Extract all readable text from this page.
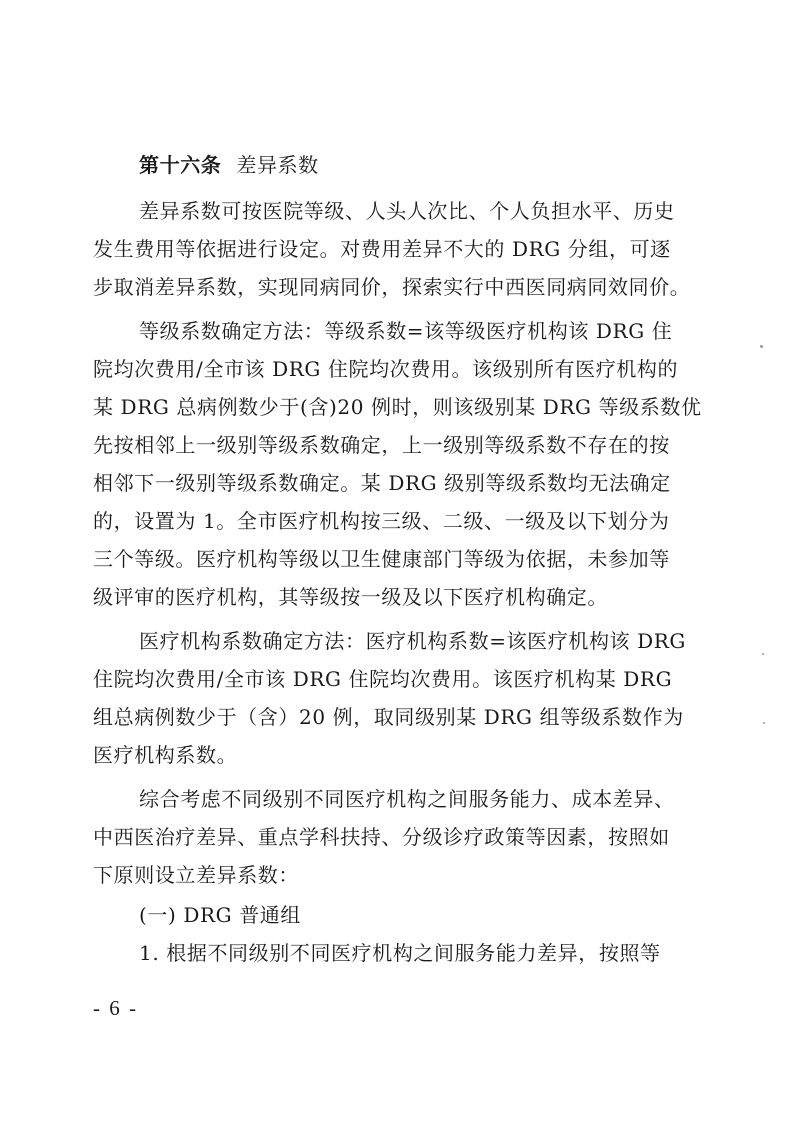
第十六条 差异系数
差异系数可按医院等级、人头人次比、个人负担水平、历史
发生费用等依据进行设定。对费用差异不大的 DRG 分组，可逐
步取消差异系数，实现同病同价，探索实行中西医同病同效同价。
等级系数确定方法：等级系数=该等级医疗机构该 DRG 住
院均次费用/全市该 DRG 住院均次费用。该级别所有医疗机构的
某 DRG 总病例数少于(含)20 例时，则该级别某 DRG 等级系数优
先按相邻上一级别等级系数确定，上一级别等级系数不存在的按
相邻下一级别等级系数确定。某 DRG 级别等级系数均无法确定
的，设置为 1。全市医疗机构按三级、二级、一级及以下划分为
三个等级。医疗机构等级以卫生健康部门等级为依据，未参加等
级评审的医疗机构，其等级按一级及以下医疗机构确定。
医疗机构系数确定方法：医疗机构系数=该医疗机构该 DRG
住院均次费用/全市该 DRG 住院均次费用。该医疗机构某 DRG
组总病例数少于（含）20 例，取同级别某 DRG 组等级系数作为
医疗机构系数。
综合考虑不同级别不同医疗机构之间服务能力、成本差异、
中西医治疗差异、重点学科扶持、分级诊疗政策等因素，按照如
下原则设立差异系数：
(一) DRG 普通组
1. 根据不同级别不同医疗机构之间服务能力差异，按照等
- 6 -
